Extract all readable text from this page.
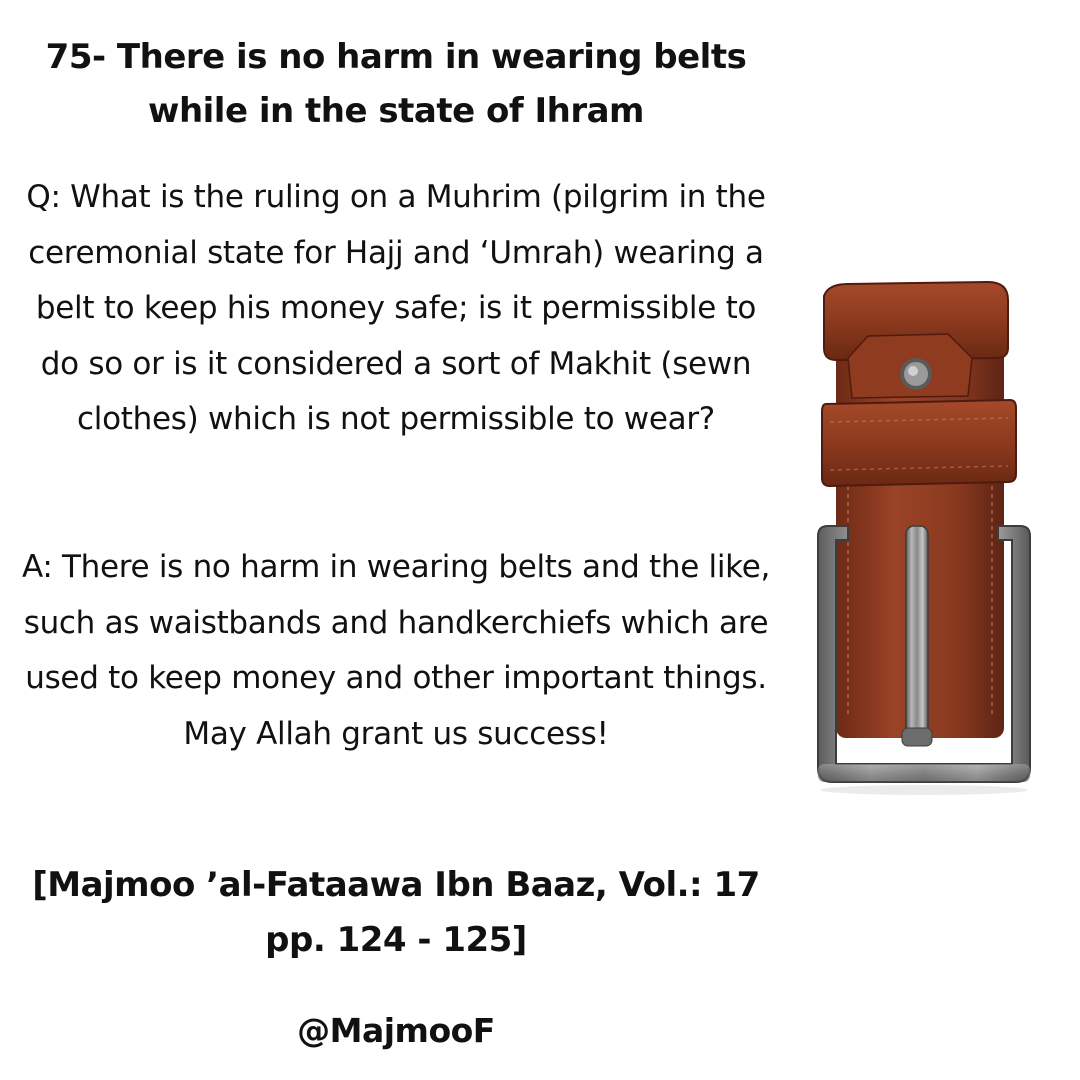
75- There is no harm in wearing belts while in the state of Ihram

Q: What is the ruling on a Muhrim (pilgrim in the ceremonial state for Hajj and ‘Umrah) wearing a belt to keep his money safe; is it permissible to do so or is it considered a sort of Makhit (sewn clothes) which is not permissible to wear?

A: There is no harm in wearing belts and the like, such as waistbands and handkerchiefs which are used to keep money and other important things. May Allah grant us success!

[Majmoo ’al-Fataawa Ibn Baaz, Vol.: 17 pp. 124 - 125]

@MajmooF
